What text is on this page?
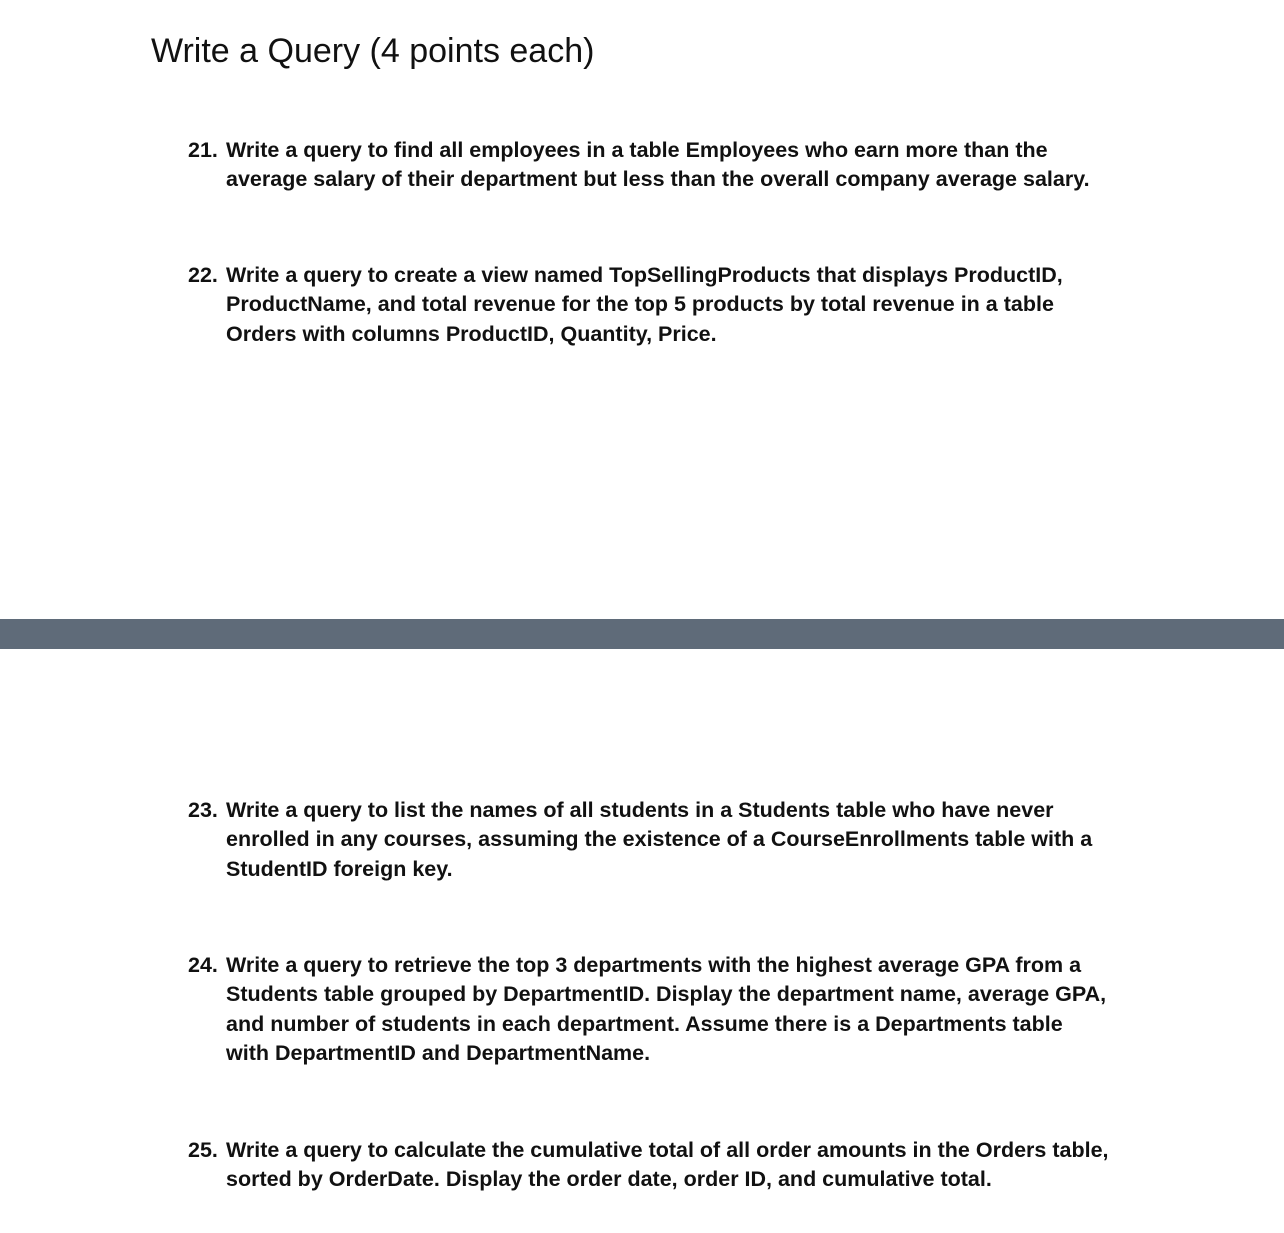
Write a Query (4 points each)
21. Write a query to find all employees in a table Employees who earn more than the
average salary of their department but less than the overall company average salary.
22. Write a query to create a view named TopSellingProducts that displays ProductID,
ProductName, and total revenue for the top 5 products by total revenue in a table
Orders with columns ProductID, Quantity, Price.
23. Write a query to list the names of all students in a Students table who have never
enrolled in any courses, assuming the existence of a CourseEnrollments table with a
StudentID foreign key.
24. Write a query to retrieve the top 3 departments with the highest average GPA from a
Students table grouped by DepartmentID. Display the department name, average GPA,
and number of students in each department. Assume there is a Departments table
with DepartmentID and DepartmentName.
25. Write a query to calculate the cumulative total of all order amounts in the Orders table,
sorted by OrderDate. Display the order date, order ID, and cumulative total.
